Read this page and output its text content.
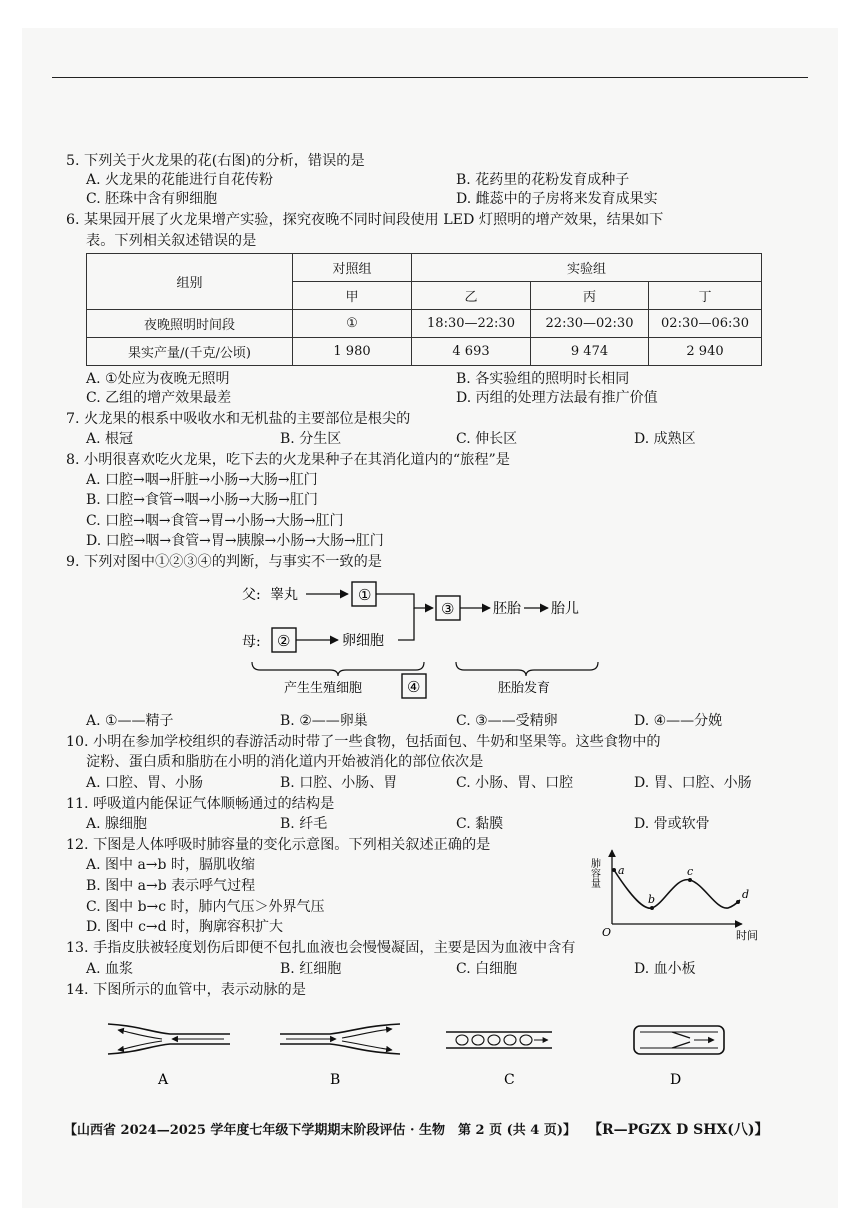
5. 下列关于火龙果的花(右图)的分析，错误的是
A. 火龙果的花能进行自花传粉	B. 花药里的花粉发育成种子
C. 胚珠中含有卵细胞	D. 雌蕊中的子房将来发育成果实
6. 某果园开展了火龙果增产实验，探究夜晚不同时间段使用 LED 灯照明的增产效果，结果如下
表。下列相关叙述错误的是
组别	对照组	实验组		
	甲	乙	丙	丁
夜晚照明时间段	①	18:30—22:30	22:30—02:30	02:30—06:30
果实产量/(千克/公顷)	1 980	4 693	9 474	2 940
A. ①处应为夜晚无照明	B. 各实验组的照明时长相同
C. 乙组的增产效果最差	D. 丙组的处理方法最有推广价值
7. 火龙果的根系中吸收水和无机盐的主要部位是根尖的
A. 根冠	B. 分生区	C. 伸长区	D. 成熟区
8. 小明很喜欢吃火龙果，吃下去的火龙果种子在其消化道内的“旅程”是
A. 口腔→咽→肝脏→小肠→大肠→肛门
B. 口腔→食管→咽→小肠→大肠→肛门
C. 口腔→咽→食管→胃→小肠→大肠→肛门
D. 口腔→咽→食管→胃→胰腺→小肠→大肠→肛门
9. 下列对图中①②③④的判断，与事实不一致的是
父: 睾丸	①
③	胚胎 胎儿
母: ②	卵细胞
④
产生生殖细胞	胚胎发育
A. ①——精子	B. ②——卵巢	C. ③——受精卵	D. ④——分娩
10. 小明在参加学校组织的春游活动时带了一些食物，包括面包、牛奶和坚果等。这些食物中的
淀粉、蛋白质和脂肪在小明的消化道内开始被消化的部位依次是
A. 口腔、胃、小肠	B. 口腔、小肠、胃	C. 小肠、胃、口腔	D. 胃、口腔、小肠
11. 呼吸道内能保证气体顺畅通过的结构是
A. 腺细胞	B. 纤毛	C. 黏膜	D. 骨或软骨
12. 下图是人体呼吸时肺容量的变化示意图。下列相关叙述正确的是
A. 图中 a→b 时，膈肌收缩
B. 图中 a→b 表示呼气过程
C. 图中 b→c 时，肺内气压＞外界气压
D. 图中 c→d 时，胸廓容积扩大
肺容量
O	时间
a
b
c
d
13. 手指皮肤被轻度划伤后即便不包扎血液也会慢慢凝固，主要是因为血液中含有
A. 血浆	B. 红细胞	C. 白细胞	D. 血小板
14. 下图所示的血管中，表示动脉的是
A	B	C	D
【山西省 2024—2025 学年度七年级下学期期末阶段评估 · 生物　第 2 页 (共 4 页)】 【R—PGZX D SHX(八)】
